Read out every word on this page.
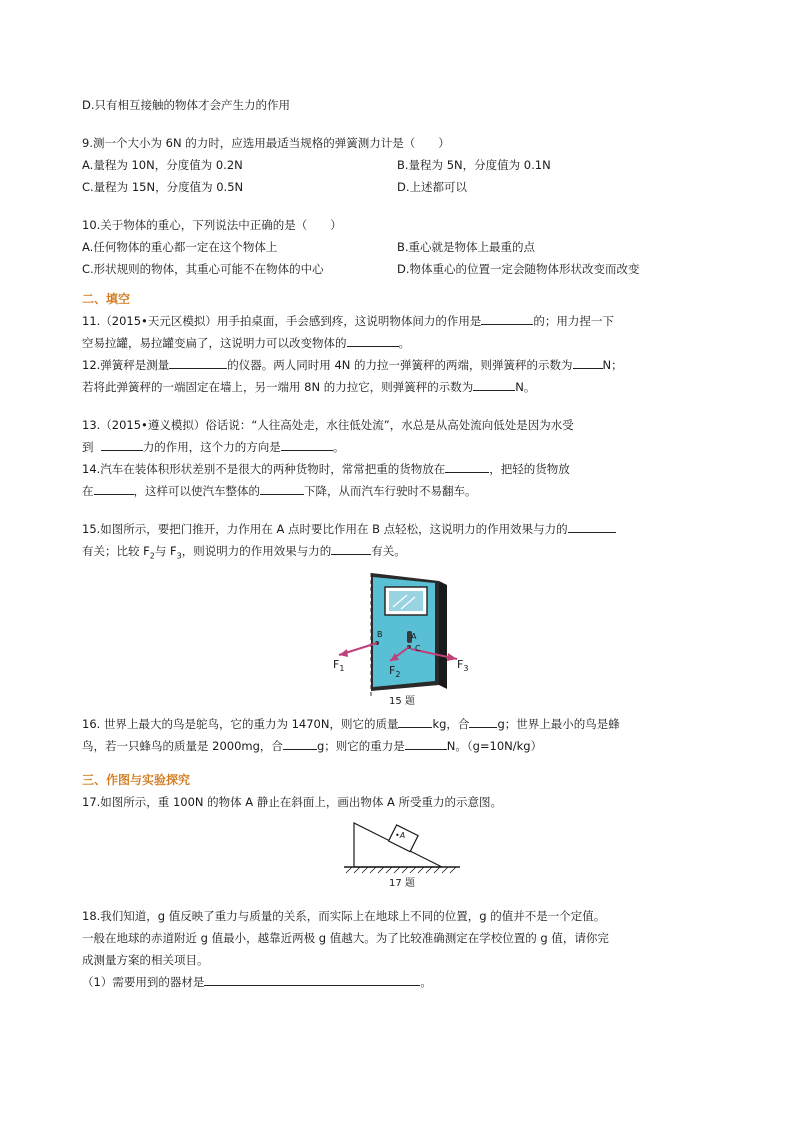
D.只有相互接触的物体才会产生力的作用
9.测一个大小为 6N 的力时，应选用最适当规格的弹簧测力计是（　　）
A.量程为 10N，分度值为 0.2N	B.量程为 5N，分度值为 0.1N
C.量程为 15N，分度值为 0.5N	D.上述都可以
10.关于物体的重心，下列说法中正确的是（　　）
A.任何物体的重心都一定在这个物体上	B.重心就是物体上最重的点
C.形状规则的物体，其重心可能不在物体的中心	D.物体重心的位置一定会随物体形状改变而改变
二、填空
11.（2015•天元区模拟）用手拍桌面，手会感到疼，这说明物体间力的作用是	的；用力捏一下
空易拉罐，易拉罐变扁了，这说明力可以改变物体的	。
12.弹簧秤是测量	的仪器。两人同时用 4N 的力拉一弹簧秤的两端，则弹簧秤的示数为	N；
若将此弹簧秤的一端固定在墙上，另一端用 8N 的力拉它，则弹簧秤的示数为	N。
13.（2015•遵义模拟）俗话说：“人往高处走，水往低处流”，水总是从高处流向低处是因为水受
到	力的作用，这个力的方向是	。
14.汽车在装体积形状差别不是很大的两种货物时，常常把重的货物放在	，把轻的货物放
在	，这样可以使汽车整体的	下降，从而汽车行驶时不易翻车。
15.如图所示，要把门推开，力作用在 A 点时要比作用在 B 点轻松，这说明力的作用效果与力的
有关；比较 $F_2$与 $F_3$，则说明力的作用效果与力的	有关。
B	A
C
$F_1$	$F_2$
$F_3$
15 题
16. 世界上最大的鸟是鸵鸟，它的重力为 1470N，则它的质量	kg，合 g；世界上最小的鸟是蜂
鸟，若一只蜂鸟的质量是 2000mg，合	g；则它的重力是	N。（g=10N/kg）
三、作图与实验探究
17.如图所示，重 100N 的物体 A 静止在斜面上，画出物体 A 所受重力的示意图。
•A
17 题
18.我们知道，g 值反映了重力与质量的关系，而实际上在地球上不同的位置，g 的值并不是一个定值。
一般在地球的赤道附近 g 值最小，越靠近两极 g 值越大。为了比较准确测定在学校位置的 g 值，请你完
成测量方案的相关项目。
（1）需要用到的器材是	。
